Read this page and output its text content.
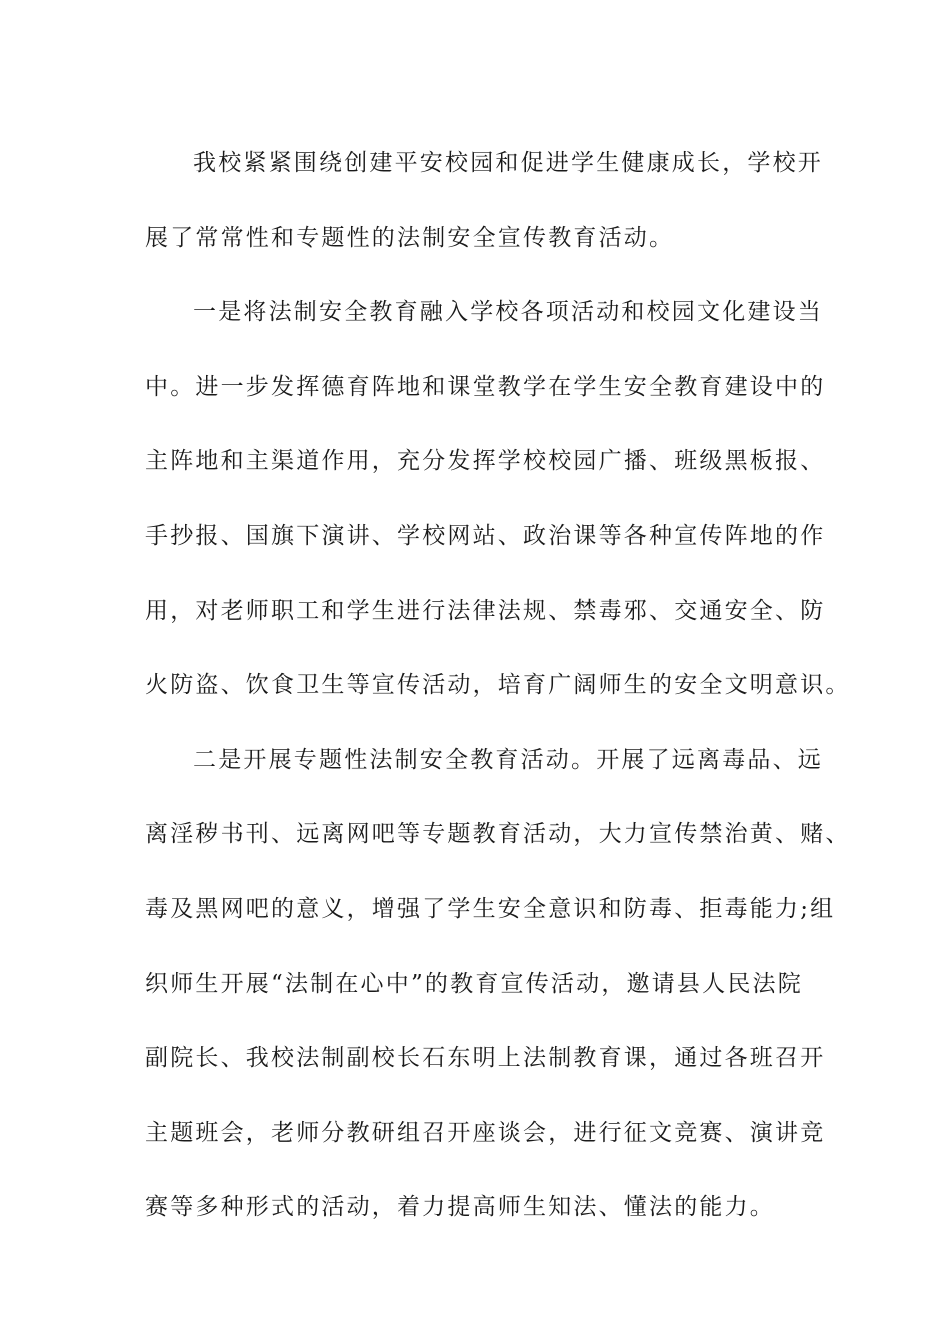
我校紧紧围绕创建平安校园和促进学生健康成长，学校开
展了常常性和专题性的法制安全宣传教育活动。
一是将法制安全教育融入学校各项活动和校园文化建设当
中。进一步发挥德育阵地和课堂教学在学生安全教育建设中的
主阵地和主渠道作用，充分发挥学校校园广播、班级黑板报、
手抄报、国旗下演讲、学校网站、政治课等各种宣传阵地的作
用，对老师职工和学生进行法律法规、禁毒邪、交通安全、防
火防盗、饮食卫生等宣传活动，培育广阔师生的安全文明意识。
二是开展专题性法制安全教育活动。开展了远离毒品、远
离淫秽书刊、远离网吧等专题教育活动，大力宣传禁治黄、赌、
毒及黑网吧的意义，增强了学生安全意识和防毒、拒毒能力;组
织师生开展“法制在心中”的教育宣传活动，邀请县人民法院
副院长、我校法制副校长石东明上法制教育课，通过各班召开
主题班会，老师分教研组召开座谈会，进行征文竞赛、演讲竞
赛等多种形式的活动，着力提高师生知法、懂法的能力。
